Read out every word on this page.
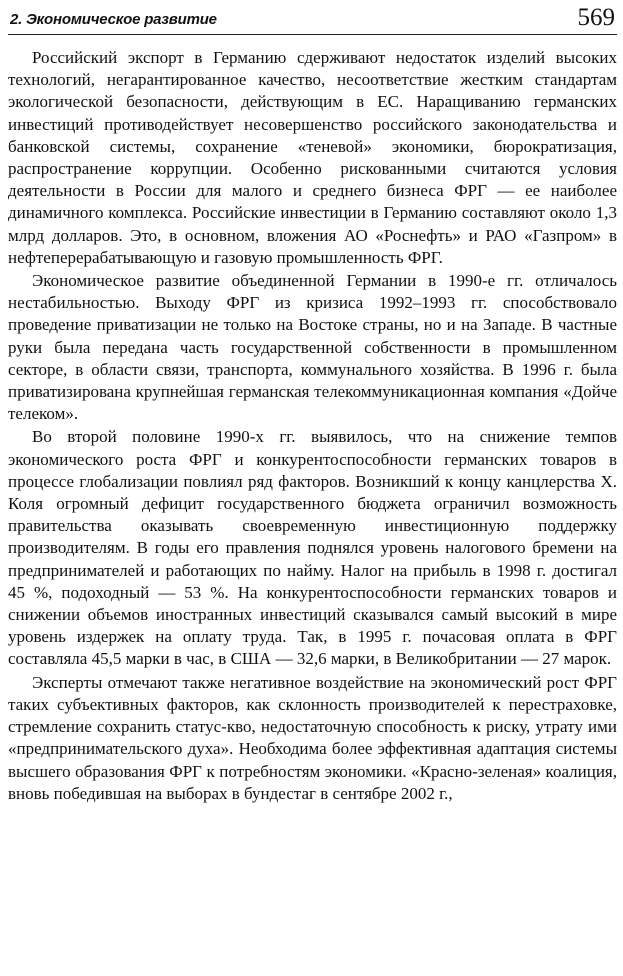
2. Экономическое развитие	569

Российский экспорт в Германию сдерживают недостаток изделий высоких технологий, негарантированное качество, несоответствие жестким стандартам экологической безопасности, действующим в ЕС. Наращиванию германских инвестиций противодействует несовершенство российского законодательства и банковской системы, сохранение «теневой» экономики, бюрократизация, распространение коррупции. Особенно рискованными считаются условия деятельности в России для малого и среднего бизнеса ФРГ — ее наиболее динамичного комплекса. Российские инвестиции в Германию составляют около 1,3 млрд долларов. Это, в основном, вложения АО «Роснефть» и РАО «Газпром» в нефтеперерабатывающую и газовую промышленность ФРГ.

Экономическое развитие объединенной Германии в 1990-е гг. отличалось нестабильностью. Выходу ФРГ из кризиса 1992–1993 гг. способствовало проведение приватизации не только на Востоке страны, но и на Западе. В частные руки была передана часть государственной собственности в промышленном секторе, в области связи, транспорта, коммунального хозяйства. В 1996 г. была приватизирована крупнейшая германская телекоммуникационная компания «Дойче телеком».

Во второй половине 1990-х гг. выявилось, что на снижение темпов экономического роста ФРГ и конкурентоспособности германских товаров в процессе глобализации повлиял ряд факторов. Возникший к концу канцлерства Х. Коля огромный дефицит государственного бюджета ограничил возможность правительства оказывать своевременную инвестиционную поддержку производителям. В годы его правления поднялся уровень налогового бремени на предпринимателей и работающих по найму. Налог на прибыль в 1998 г. достигал 45 %, подоходный — 53 %. На конкурентоспособности германских товаров и снижении объемов иностранных инвестиций сказывался самый высокий в мире уровень издержек на оплату труда. Так, в 1995 г. почасовая оплата в ФРГ составляла 45,5 марки в час, в США — 32,6 марки, в Великобритании — 27 марок.

Эксперты отмечают также негативное воздействие на экономический рост ФРГ таких субъективных факторов, как склонность производителей к перестраховке, стремление сохранить статус-кво, недостаточную способность к риску, утрату ими «предпринимательского духа». Необходима более эффективная адаптация системы высшего образования ФРГ к потребностям экономики. «Красно-зеленая» коалиция, вновь победившая на выборах в бундестаг в сентябре 2002 г.,
